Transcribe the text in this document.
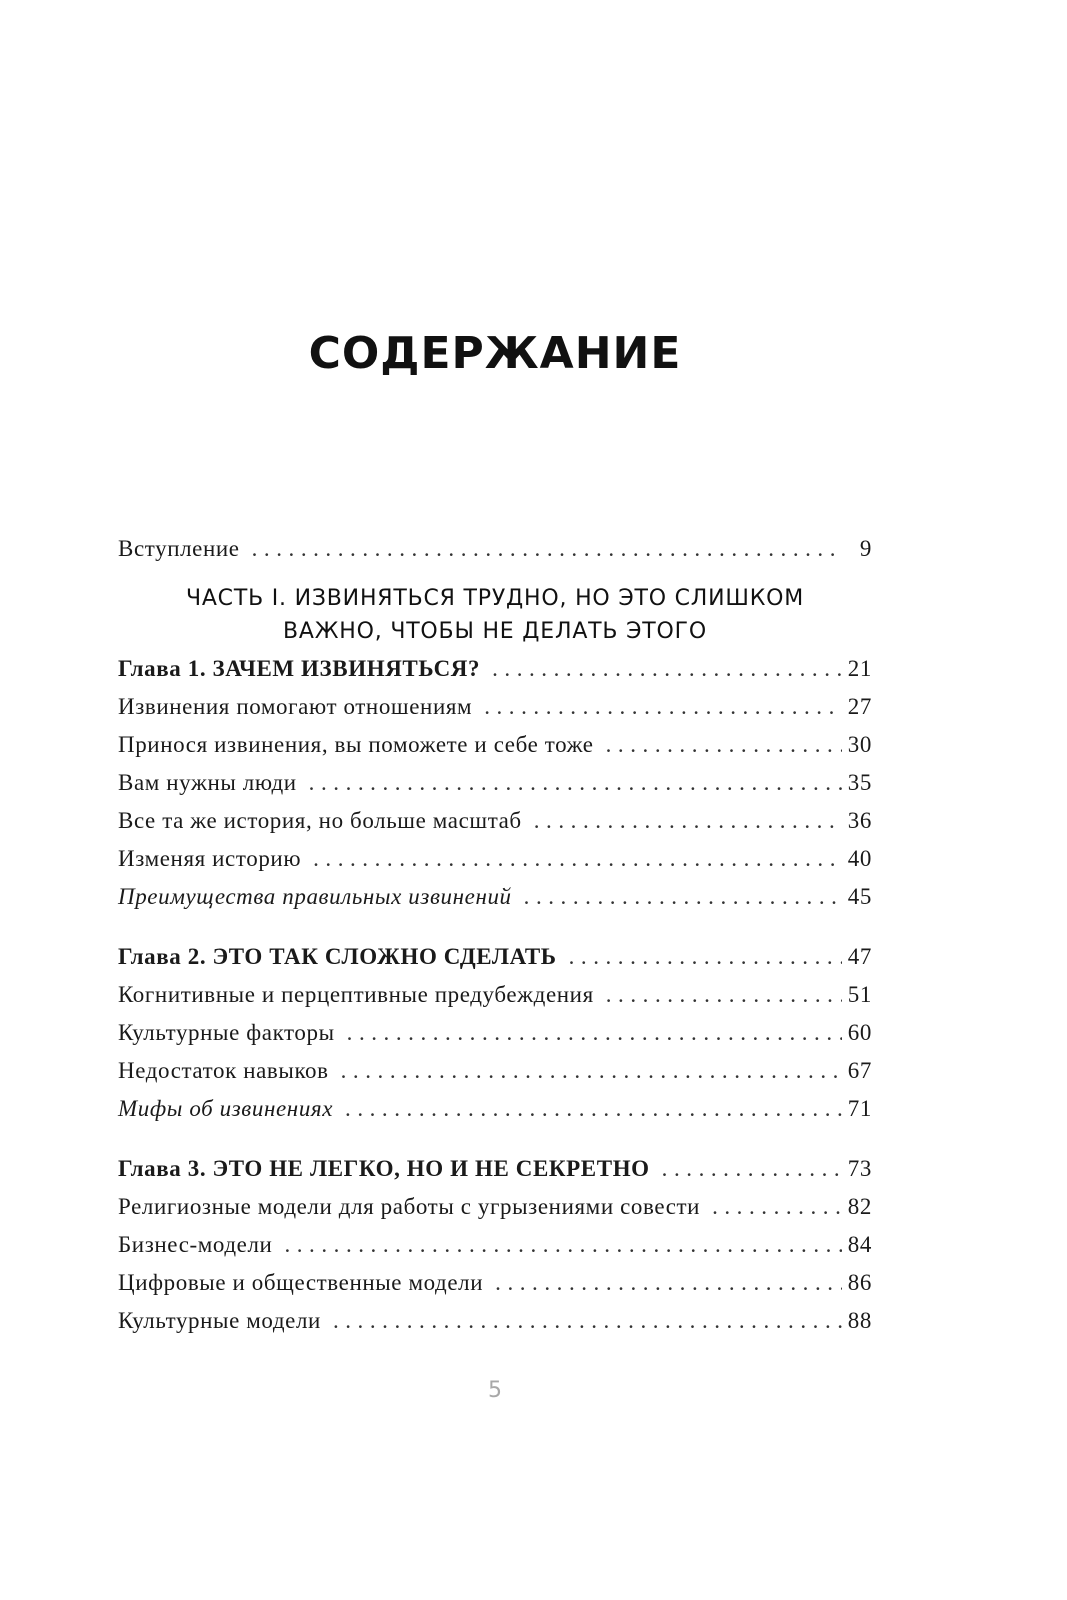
СОДЕРЖАНИЕ
Вступление . . .	9
ЧАСТЬ I. ИЗВИНЯТЬСЯ ТРУДНО, НО ЭТО СЛИШКОМ
ВАЖНО, ЧТОБЫ НЕ ДЕЛАТЬ ЭТОГО
Глава 1. ЗАЧЕМ ИЗВИНЯТЬСЯ? . . .	21
Извинения помогают отношениям . . .	27
Принося извинения, вы поможете и себе тоже . . .	30
Вам нужны люди . . .	35
Все та же история, но больше масштаб . . .	36
Изменяя историю . . .	40
Преимущества правильных извинений . . .	45
Глава 2. ЭТО ТАК СЛОЖНО СДЕЛАТЬ . . .	47
Когнитивные и перцептивные предубеждения . . .	51
Культурные факторы . . .	60
Недостаток навыков . . .	67
Мифы об извинениях . . .	71
Глава 3. ЭТО НЕ ЛЕГКО, НО И НЕ СЕКРЕТНО . . .	73
Религиозные модели для работы с угрызениями совести . . .	82
Бизнес-модели . . .	84
Цифровые и общественные модели . . .	86
Культурные модели . . .	88
5
